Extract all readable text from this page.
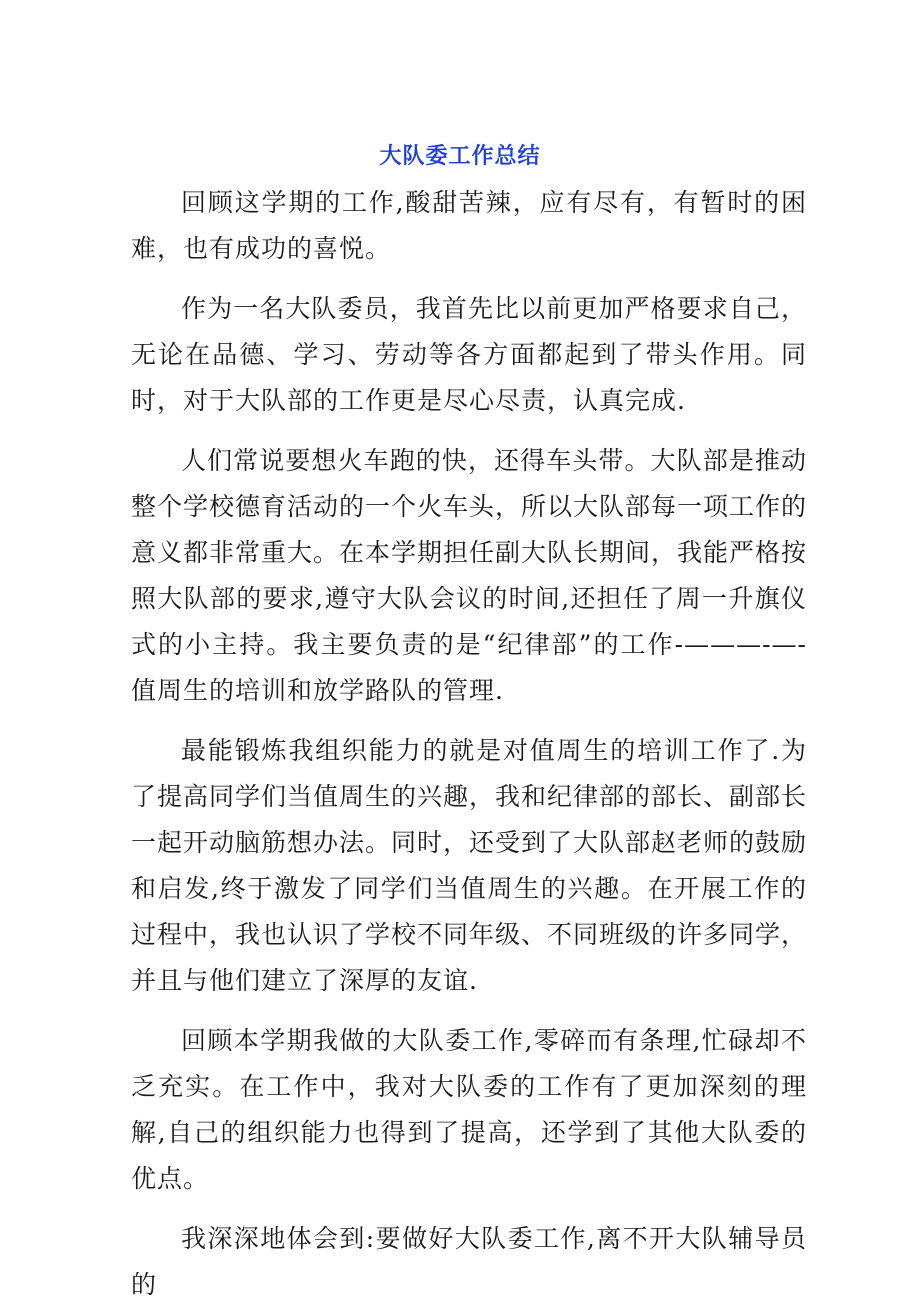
大队委工作总结

回顾这学期的工作,酸甜苦辣，应有尽有，有暂时的困难，也有成功的喜悦。

作为一名大队委员，我首先比以前更加严格要求自己，无论在品德、学习、劳动等各方面都起到了带头作用。同时，对于大队部的工作更是尽心尽责，认真完成.

人们常说要想火车跑的快，还得车头带。大队部是推动整个学校德育活动的一个火车头，所以大队部每一项工作的意义都非常重大。在本学期担任副大队长期间，我能严格按照大队部的要求,遵守大队会议的时间,还担任了周一升旗仪式的小主持。我主要负责的是“纪律部”的工作-———-—-值周生的培训和放学路队的管理.

最能锻炼我组织能力的就是对值周生的培训工作了.为了提高同学们当值周生的兴趣，我和纪律部的部长、副部长一起开动脑筋想办法。同时，还受到了大队部赵老师的鼓励和启发,终于激发了同学们当值周生的兴趣。在开展工作的过程中，我也认识了学校不同年级、不同班级的许多同学，并且与他们建立了深厚的友谊.

回顾本学期我做的大队委工作,零碎而有条理,忙碌却不乏充实。在工作中，我对大队委的工作有了更加深刻的理解,自己的组织能力也得到了提高，还学到了其他大队委的优点。

我深深地体会到:要做好大队委工作,离不开大队辅导员的
